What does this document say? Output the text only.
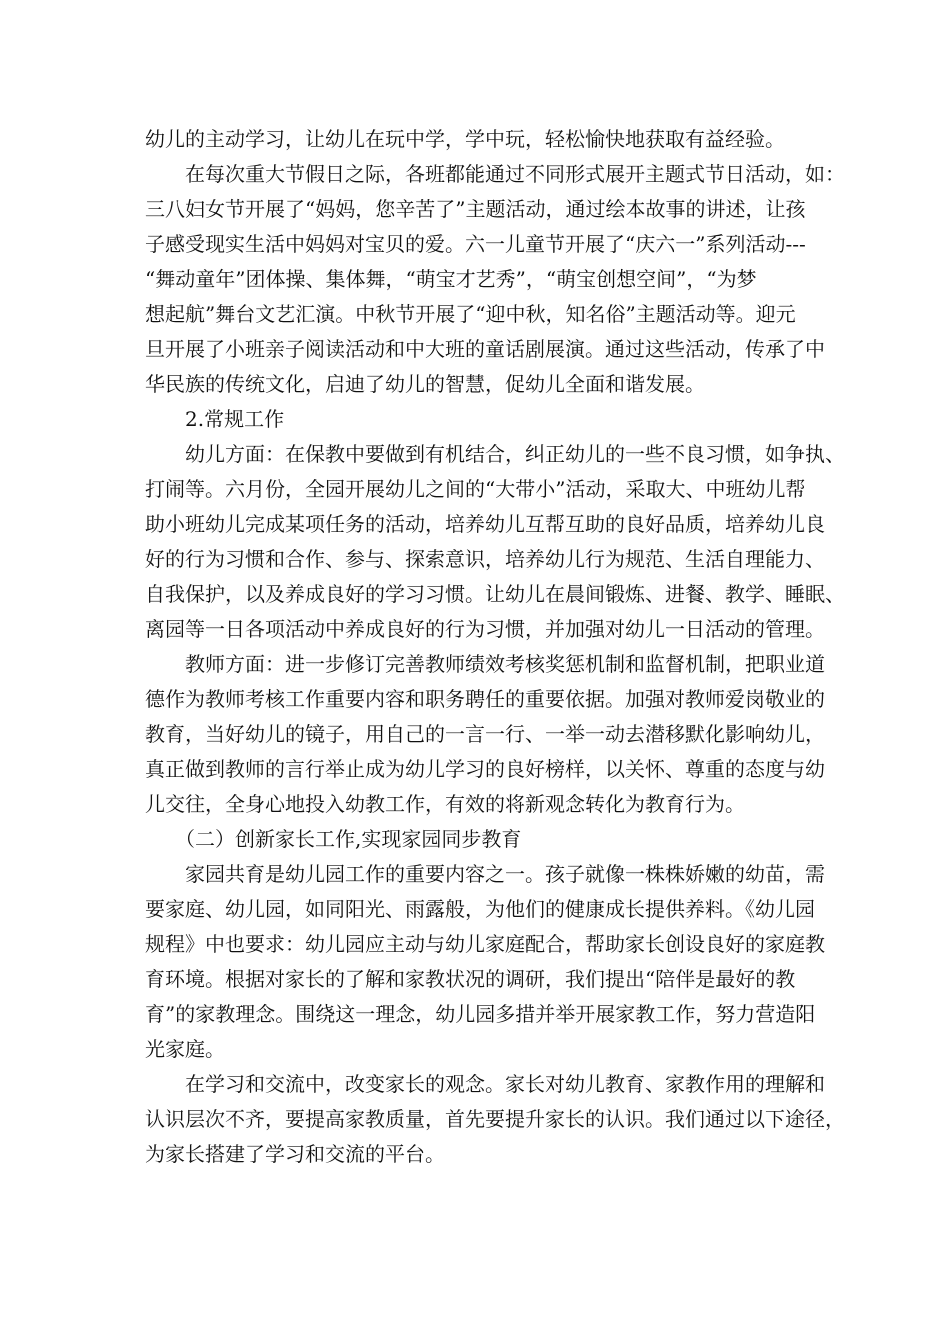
幼儿的主动学习，让幼儿在玩中学，学中玩，轻松愉快地获取有益经验。
在每次重大节假日之际，各班都能通过不同形式展开主题式节日活动，如：
三八妇女节开展了“妈妈，您辛苦了”主题活动，通过绘本故事的讲述，让孩
子感受现实生活中妈妈对宝贝的爱。六一儿童节开展了“庆六一”系列活动---
“舞动童年”团体操、集体舞，“萌宝才艺秀”，“萌宝创想空间”，“为梦
想起航”舞台文艺汇演。中秋节开展了“迎中秋，知名俗”主题活动等。迎元
旦开展了小班亲子阅读活动和中大班的童话剧展演。通过这些活动，传承了中
华民族的传统文化，启迪了幼儿的智慧，促幼儿全面和谐发展。
2.常规工作
幼儿方面：在保教中要做到有机结合，纠正幼儿的一些不良习惯，如争执、
打闹等。六月份，全园开展幼儿之间的“大带小”活动，采取大、中班幼儿帮
助小班幼儿完成某项任务的活动，培养幼儿互帮互助的良好品质，培养幼儿良
好的行为习惯和合作、参与、探索意识，培养幼儿行为规范、生活自理能力、
自我保护，以及养成良好的学习习惯。让幼儿在晨间锻炼、进餐、教学、睡眠、
离园等一日各项活动中养成良好的行为习惯，并加强对幼儿一日活动的管理。
教师方面：进一步修订完善教师绩效考核奖惩机制和监督机制，把职业道
德作为教师考核工作重要内容和职务聘任的重要依据。加强对教师爱岗敬业的
教育，当好幼儿的镜子，用自己的一言一行、一举一动去潜移默化影响幼儿，
真正做到教师的言行举止成为幼儿学习的良好榜样，以关怀、尊重的态度与幼
儿交往，全身心地投入幼教工作，有效的将新观念转化为教育行为。
（二）创新家长工作,实现家园同步教育
家园共育是幼儿园工作的重要内容之一。孩子就像一株株娇嫩的幼苗，需
要家庭、幼儿园，如同阳光、雨露般，为他们的健康成长提供养料。《幼儿园
规程》中也要求：幼儿园应主动与幼儿家庭配合，帮助家长创设良好的家庭教
育环境。根据对家长的了解和家教状况的调研，我们提出“陪伴是最好的教
育”的家教理念。围绕这一理念，幼儿园多措并举开展家教工作，努力营造阳
光家庭。
在学习和交流中，改变家长的观念。家长对幼儿教育、家教作用的理解和
认识层次不齐，要提高家教质量，首先要提升家长的认识。我们通过以下途径，
为家长搭建了学习和交流的平台。
